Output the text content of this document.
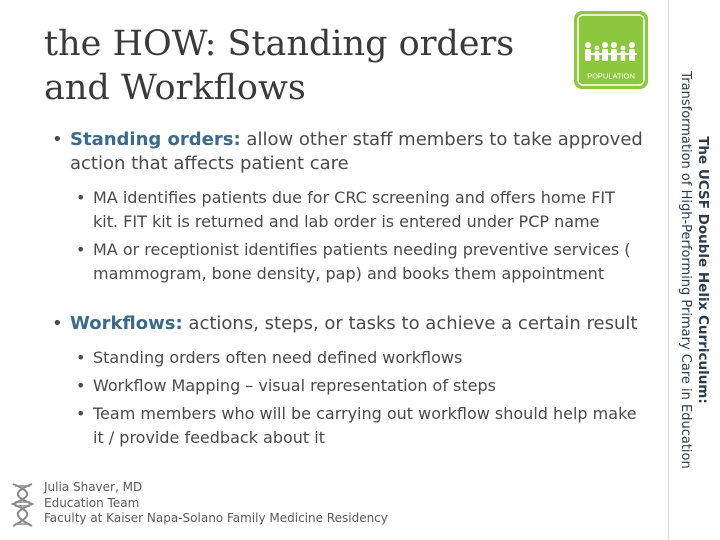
the HOW: Standing orders
and Workflows	POPULATION
The UCSF Double Helix Curriculum:
Transformation of High-Performing Primary Care in Education
• Standing orders: allow other staff members to take approved action that affects patient care
• MA identifies patients due for CRC screening and offers home FIT kit. FIT kit is returned and lab order is entered under PCP name
• MA or receptionist identifies patients needing preventive services ( mammogram, bone density, pap) and books them appointment
• Workflows: actions, steps, or tasks to achieve a certain result
• Standing orders often need defined workflows
• Workflow Mapping – visual representation of steps
• Team members who will be carrying out workflow should help make it / provide feedback about it
Julia Shaver, MD
Education Team
Faculty at Kaiser Napa-Solano Family Medicine Residency
